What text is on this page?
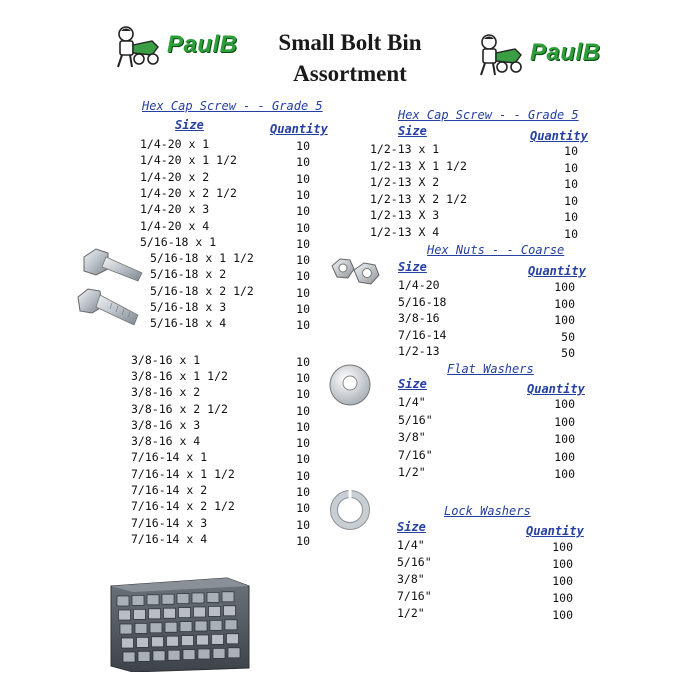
PaulB	PaulB
Small Bolt Bin
Assortment
Hex Cap Screw - - Grade 5
Size	Quantity
1/4-20 x 1	10
1/4-20 x 1 1/2	10
1/4-20 x 2	10
1/4-20 x 2 1/2	10
1/4-20 x 3	10
1/4-20 x 4	10
5/16-18 x 1	10
5/16-18 x 1 1/2	10
5/16-18 x 2	10
5/16-18 x 2 1/2	10
5/16-18 x 3	10
5/16-18 x 4	10
3/8-16 x 1	10
3/8-16 x 1 1/2	10
3/8-16 x 2	10
3/8-16 x 2 1/2	10
3/8-16 x 3	10
3/8-16 x 4	10
7/16-14 x 1	10
7/16-14 x 1 1/2	10
7/16-14 x 2	10
7/16-14 x 2 1/2	10
7/16-14 x 3	10
7/16-14 x 4	10
Hex Cap Screw - - Grade 5
Size	Quantity
1/2-13 x 1	10
1/2-13 X 1 1/2	10
1/2-13 X 2	10
1/2-13 X 2 1/2	10
1/2-13 X 3	10
1/2-13 X 4	10
Hex Nuts - - Coarse
Size	Quantity
1/4-20	100
5/16-18	100
3/8-16	100
7/16-14	50
1/2-13	50
Flat Washers
Size	Quantity
1/4"	100
5/16"	100
3/8"	100
7/16"	100
1/2"	100
Lock Washers
Size	Quantity
1/4"	100
5/16"	100
3/8"	100
7/16"	100
1/2"	100
